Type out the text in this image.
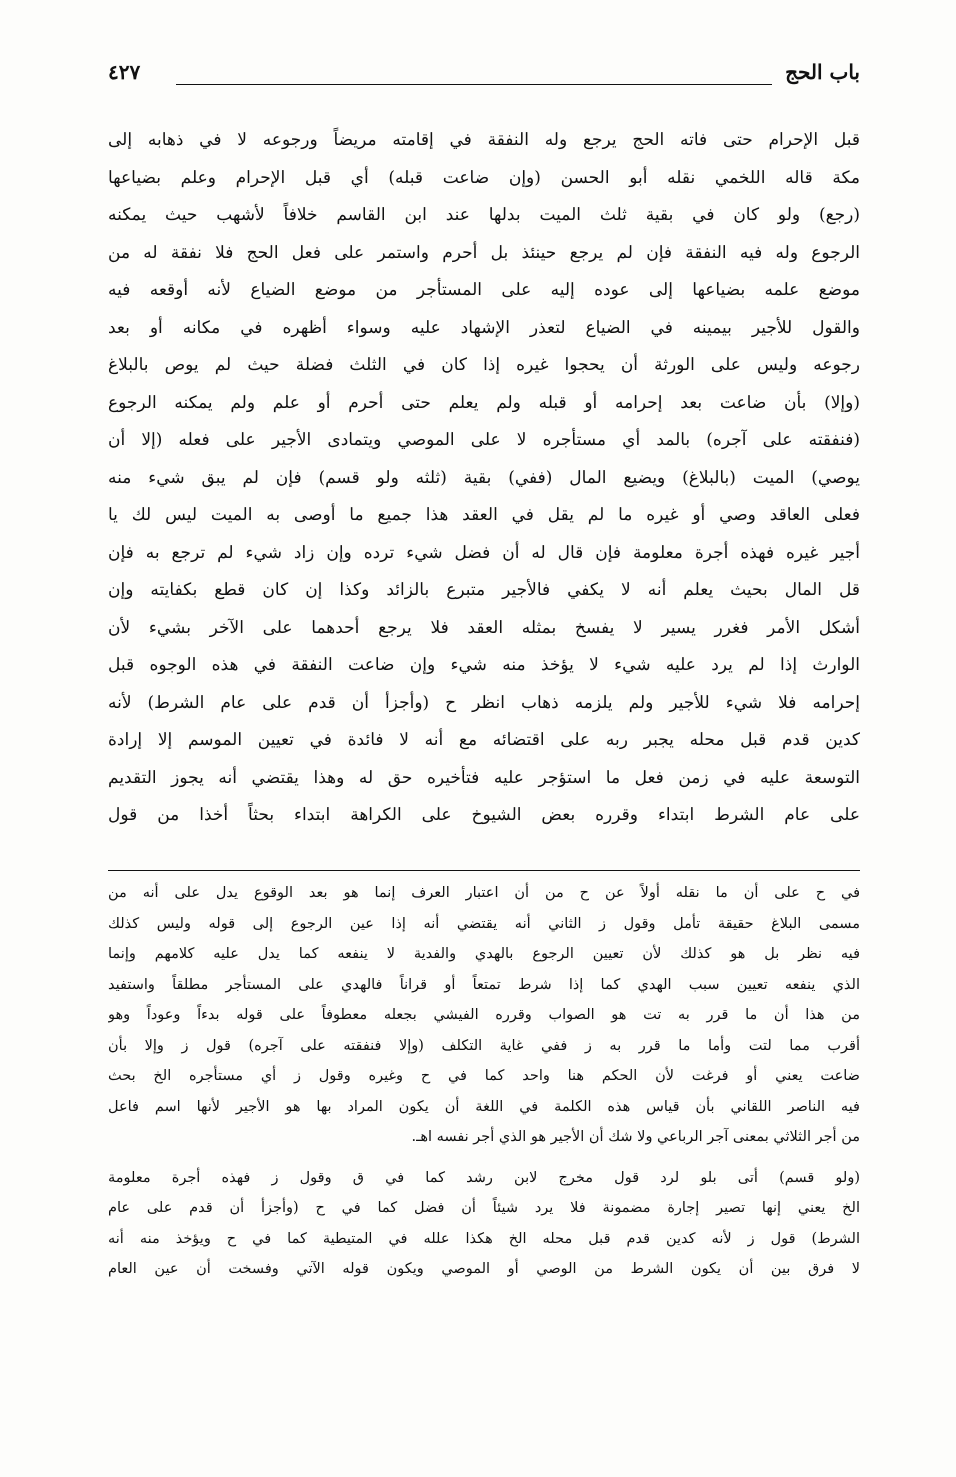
باب الحج
٤٢٧
قبل الإحرام حتى فاته الحج يرجع وله النفقة في إقامته مريضاً ورجوعه لا في ذهابه إلى
مكة قاله اللخمي نقله أبو الحسن (وإن ضاعت قبله) أي قبل الإحرام وعلم بضياعها
(رجع) ولو كان في بقية ثلث الميت بدلها عند ابن القاسم خلافاً لأشهب حيث يمكنه
الرجوع وله فيه النفقة فإن لم يرجع حينئذ بل أحرم واستمر على فعل الحج فلا نفقة له من
موضع علمه بضياعها إلى عوده إليه على المستأجر من موضع الضياع لأنه أوقعه فيه
والقول للأجير بيمينه في الضياع لتعذر الإشهاد عليه وسواء أظهره في مكانه أو بعد
رجوعه وليس على الورثة أن يحجوا غيره إذا كان في الثلث فضلة حيث لم يوص بالبلاغ
(وإلا) بأن ضاعت بعد إحرامه أو قبله ولم يعلم حتى أحرم أو علم ولم يمكنه الرجوع
(فنفقته على آجره) بالمد أي مستأجره لا على الموصي ويتمادى الأجير على فعله (إلا أن
يوصي) الميت (بالبلاغ) ويضيع المال (ففي) بقية (ثلثه ولو قسم) فإن لم يبق شيء منه
فعلى العاقد وصي أو غيره ما لم يقل في العقد هذا جميع ما أوصى به الميت ليس لك يا
أجير غيره فهذه أجرة معلومة فإن قال له أن فضل شيء ترده وإن زاد شيء لم ترجع به فإن
قل المال بحيث يعلم أنه لا يكفي فالأجير متبرع بالزائد وكذا إن كان قطع بكفايته وإن
أشكل الأمر فغرر يسير لا يفسخ بمثله العقد فلا يرجع أحدهما على الآخر بشيء لأن
الوارث إذا لم يرد عليه شيء لا يؤخذ منه شيء وإن ضاعت النفقة في هذه الوجوه قبل
إحرامه فلا شيء للأجير ولم يلزمه ذهاب انظر ح (وأجزأ أن قدم على عام الشرط) لأنه
كدين قدم قبل محله يجبر ربه على اقتضائه مع أنه لا فائدة في تعيين الموسم إلا إرادة
التوسعة عليه في زمن فعل ما استؤجر عليه فتأخيره حق له وهذا يقتضي أنه يجوز التقديم
على عام الشرط ابتداء وقرره بعض الشيوخ على الكراهة ابتداء بحثاً أخذا من قول
في ح على أن ما نقله أولاً عن ح من أن اعتبار العرف إنما هو بعد الوقوع يدل على أنه من
مسمى البلاغ حقيقة تأمل وقول ز الثاني أنه يقتضي أنه إذا عين الرجوع إلى قوله وليس كذلك
فيه نظر بل هو كذلك لأن تعيين الرجوع بالهدي والفدية لا ينفعه كما يدل عليه كلامهم وإنما
الذي ينفعه تعيين سبب الهدي كما إذا شرط تمتعاً أو قراناً فالهدي على المستأجر مطلقاً واستفيد
من هذا أن ما قرر به تت هو الصواب وقرره الفيشي بجعله معطوفاً على قوله بدءاً وعوداً وهو
أقرب مما لتت وأما ما قرر به ز ففي غاية التكلف (وإلا فنفقته على آجره) قول ز وإلا بأن
ضاعت يعني أو فرغت لأن الحكم هنا واحد كما في ح وغيره وقول ز أي مستأجره الخ بحث
فيه الناصر اللقاني بأن قياس هذه الكلمة في اللغة أن يكون المراد بها هو الأجير لأنها اسم فاعل
من أجر الثلاثي بمعنى آجر الرباعي ولا شك أن الأجير هو الذي أجر نفسه اهـ.
(ولو قسم) أتى بلو لرد قول مخرج لابن رشد كما في ق وقول ز فهذه أجرة معلومة
الخ يعني إنها تصير إجارة مضمونة فلا يرد شيئاً أن فضل كما في ح (وأجزأ أن قدم على عام
الشرط) قول ز لأنه كدين قدم قبل محله الخ هكذا علله في المتيطية كما في ح ويؤخذ منه أنه
لا فرق بين أن يكون الشرط من الوصي أو الموصي ويكون قوله الآتي وفسخت أن عين العام
